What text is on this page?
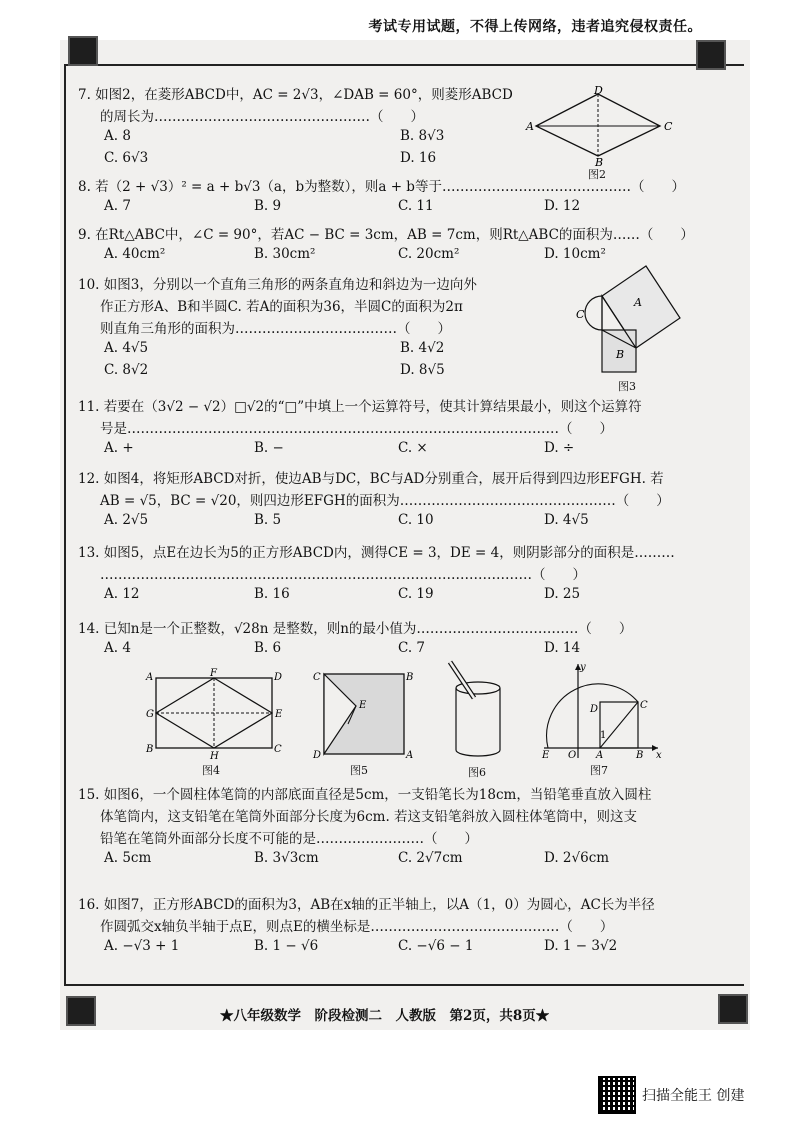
考试专用试题，不得上传网络，违者追究侵权责任。
7. 如图2，在菱形ABCD中，AC = 2√3，∠DAB = 60°，则菱形ABCD
的周长为…………………………………………（　　）
A. 8	B. 8√3
C. 6√3	D. 16
8. 若（2 + √3）² = a + b√3（a，b为整数），则a + b等于……………………………………（　　）
A. 7	B. 9	C. 11	D. 12
9. 在Rt△ABC中，∠C = 90°，若AC − BC = 3cm，AB = 7cm，则Rt△ABC的面积为……（　　）
A. 40cm²	B. 30cm²	C. 20cm²	D. 10cm²
10. 如图3，分别以一个直角三角形的两条直角边和斜边为一边向外
作正方形A、B和半圆C. 若A的面积为36，半圆C的面积为2π
则直角三角形的面积为………………………………（　　）
A. 4√5	B. 4√2
C. 8√2	D. 8√5
11. 若要在（3√2 − √2）□√2的“□”中填上一个运算符号，使其计算结果最小，则这个运算符
号是……………………………………………………………………………………（　　）
A. +	B. −	C. ×	D. ÷
12. 如图4，将矩形ABCD对折，使边AB与DC，BC与AD分别重合，展开后得到四边形EFGH. 若
AB = √5，BC = √20，则四边形EFGH的面积为…………………………………………（　　）
A. 2√5	B. 5	C. 10	D. 4√5
13. 如图5，点E在边长为5的正方形ABCD内，测得CE = 3，DE = 4，则阴影部分的面积是………
……………………………………………………………………………………（　　）
A. 12	B. 16	C. 19	D. 25
14. 已知n是一个正整数，√28n 是整数，则n的最小值为………………………………（　　）
A. 4	B. 6	C. 7	D. 14
15. 如图6，一个圆柱体笔筒的内部底面直径是5cm，一支铅笔长为18cm，当铅笔垂直放入圆柱
体笔筒内，这支铅笔在笔筒外面部分长度为6cm. 若这支铅笔斜放入圆柱体笔筒中，则这支
铅笔在笔筒外面部分长度不可能的是……………………（　　）
A. 5cm	B. 3√3cm	C. 2√7cm	D. 2√6cm
16. 如图7，正方形ABCD的面积为3，AB在x轴的正半轴上，以A（1，0）为圆心，AC长为半径
作圆弧交x轴负半轴于点E，则点E的横坐标是……………………………………（　　）
A. −√3 + 1	B. 1 − √6	C. −√6 − 1	D. 1 − 3√2
D
A	C
B
图2
A
B
C
图3
A	F	D
E
B
H
C
G
图4
C	B
E
D	A
图5	图6
y
D	C
E O A	B x
1
图7
★八年级数学　阶段检测二　人教版　第2页，共8页★
扫描全能王 创建
